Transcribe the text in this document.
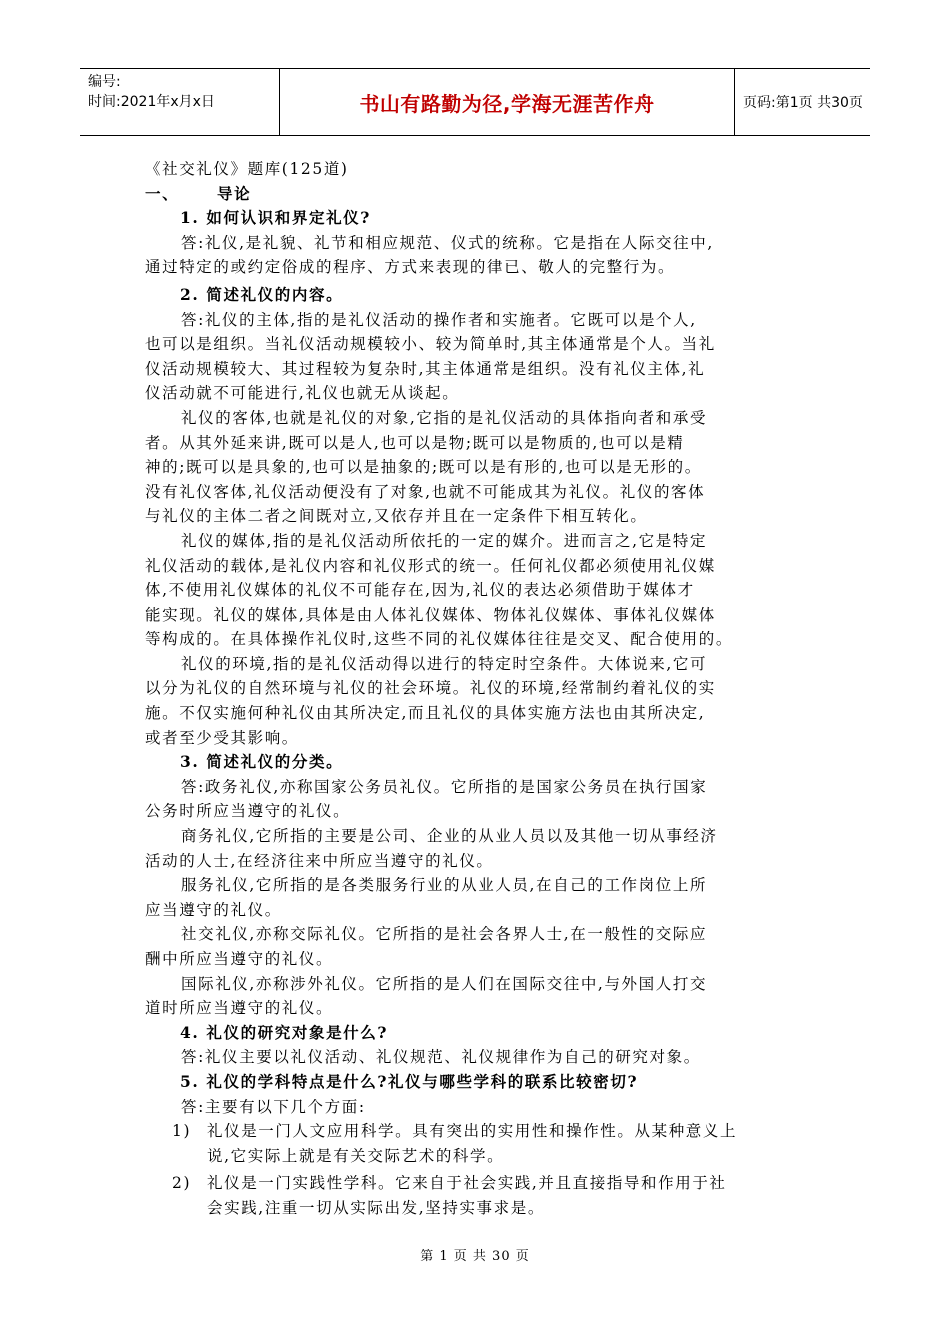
编号:
时间:2021年x月x日	书山有路勤为径,学海无涯苦作舟	页码:第1页 共30页
《社交礼仪》题库(125道)
一、 导论
1. 如何认识和界定礼仪?
答:礼仪,是礼貌、礼节和相应规范、仪式的统称。它是指在人际交往中,
通过特定的或约定俗成的程序、方式来表现的律已、敬人的完整行为。
2. 简述礼仪的内容。
答:礼仪的主体,指的是礼仪活动的操作者和实施者。它既可以是个人,
也可以是组织。当礼仪活动规模较小、较为简单时,其主体通常是个人。当礼
仪活动规模较大、其过程较为复杂时,其主体通常是组织。没有礼仪主体,礼
仪活动就不可能进行,礼仪也就无从谈起。
礼仪的客体,也就是礼仪的对象,它指的是礼仪活动的具体指向者和承受
者。从其外延来讲,既可以是人,也可以是物;既可以是物质的,也可以是精
神的;既可以是具象的,也可以是抽象的;既可以是有形的,也可以是无形的。
没有礼仪客体,礼仪活动便没有了对象,也就不可能成其为礼仪。礼仪的客体
与礼仪的主体二者之间既对立,又依存并且在一定条件下相互转化。
礼仪的媒体,指的是礼仪活动所依托的一定的媒介。进而言之,它是特定
礼仪活动的载体,是礼仪内容和礼仪形式的统一。任何礼仪都必须使用礼仪媒
体,不使用礼仪媒体的礼仪不可能存在,因为,礼仪的表达必须借助于媒体才
能实现。礼仪的媒体,具体是由人体礼仪媒体、物体礼仪媒体、事体礼仪媒体
等构成的。在具体操作礼仪时,这些不同的礼仪媒体往往是交叉、配合使用的。
礼仪的环境,指的是礼仪活动得以进行的特定时空条件。大体说来,它可
以分为礼仪的自然环境与礼仪的社会环境。礼仪的环境,经常制约着礼仪的实
施。不仅实施何种礼仪由其所决定,而且礼仪的具体实施方法也由其所决定,
或者至少受其影响。
3. 简述礼仪的分类。
答:政务礼仪,亦称国家公务员礼仪。它所指的是国家公务员在执行国家
公务时所应当遵守的礼仪。
商务礼仪,它所指的主要是公司、企业的从业人员以及其他一切从事经济
活动的人士,在经济往来中所应当遵守的礼仪。
服务礼仪,它所指的是各类服务行业的从业人员,在自己的工作岗位上所
应当遵守的礼仪。
社交礼仪,亦称交际礼仪。它所指的是社会各界人士,在一般性的交际应
酬中所应当遵守的礼仪。
国际礼仪,亦称涉外礼仪。它所指的是人们在国际交往中,与外国人打交
道时所应当遵守的礼仪。
4. 礼仪的研究对象是什么?
答:礼仪主要以礼仪活动、礼仪规范、礼仪规律作为自己的研究对象。
5. 礼仪的学科特点是什么?礼仪与哪些学科的联系比较密切?
答:主要有以下几个方面:
1) 礼仪是一门人文应用科学。具有突出的实用性和操作性。从某种意义上
说,它实际上就是有关交际艺术的科学。
2) 礼仪是一门实践性学科。它来自于社会实践,并且直接指导和作用于社
会实践,注重一切从实际出发,坚持实事求是。
第 1 页 共 30 页
